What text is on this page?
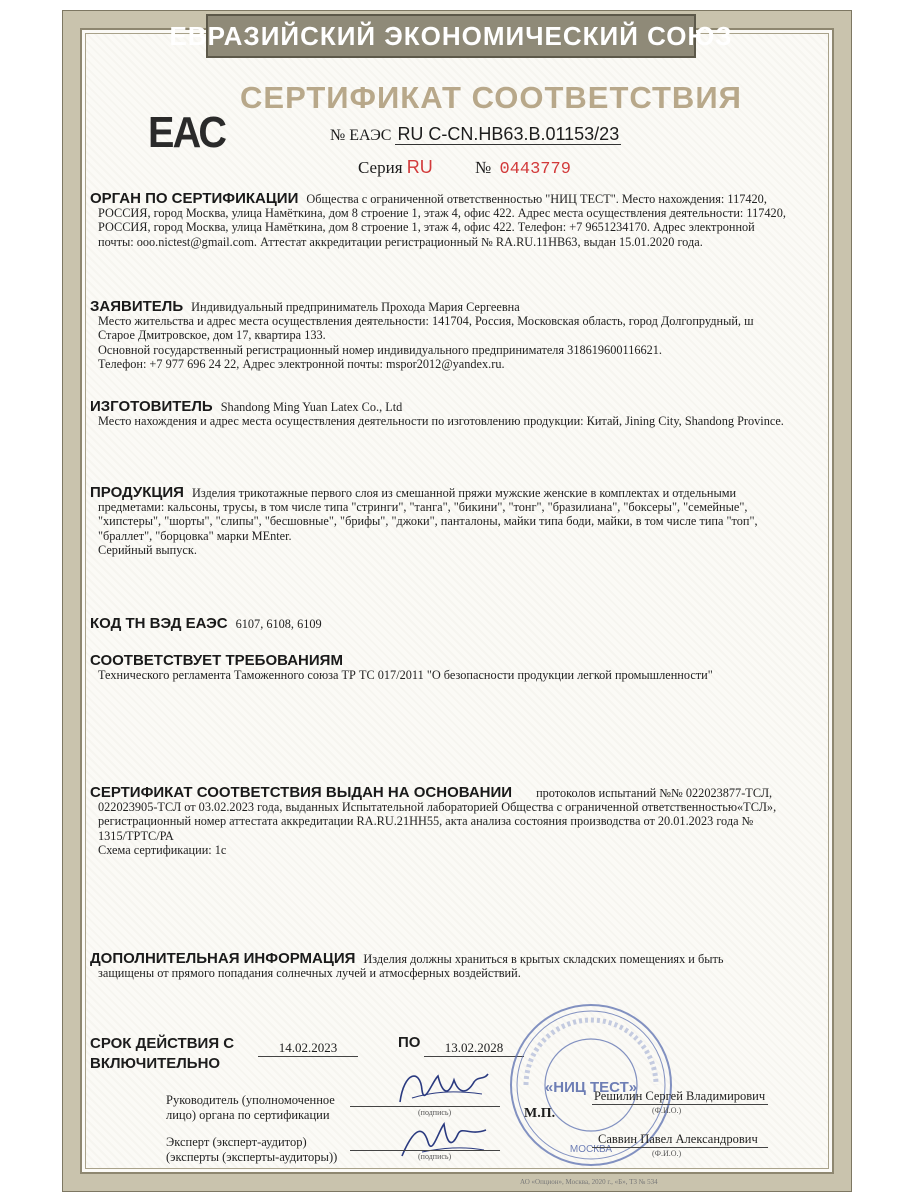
ЕВРАЗИЙСКИЙ ЭКОНОМИЧЕСКИЙ СОЮЗ
СЕРТИФИКАТ СООТВЕТСТВИЯ
ЕАС	№ ЕАЭС RU С-CN.НВ63.В.01153/23
Серия RU № 0443779

ОРГАН ПО СЕРТИФИКАЦИИ Общества с ограниченной ответственностью "НИЦ ТЕСТ". Место нахождения: 117420,

РОССИЯ, город Москва, улица Намёткина, дом 8 строение 1, этаж 4, офис 422. Адрес места осуществления деятельности: 117420,

РОССИЯ, город Москва, улица Намёткина, дом 8 строение 1, этаж 4, офис 422. Телефон: +7 9651234170. Адрес электронной

почты: ooo.nictest@gmail.com. Аттестат аккредитации регистрационный № RA.RU.11НВ63, выдан 15.01.2020 года.

ЗАЯВИТЕЛЬ Индивидуальный предприниматель Прохода Мария Сергеевна

Место жительства и адрес места осуществления деятельности: 141704, Россия, Московская область, город Долгопрудный, ш

Старое Дмитровское, дом 17, квартира 133.

Основной государственный регистрационный номер индивидуального предпринимателя 318619600116621.

Телефон: +7 977 696 24 22, Адрес электронной почты: mspor2012@yandex.ru.

ИЗГОТОВИТЕЛЬ Shandong Ming Yuan Latex Co., Ltd

Место нахождения и адрес места осуществления деятельности по изготовлению продукции: Китай, Jining City, Shandong Province.

ПРОДУКЦИЯ Изделия трикотажные первого слоя из смешанной пряжи мужские женские в комплектах и отдельными

предметами: кальсоны, трусы, в том числе типа "стринги", "танга", "бикини", "тонг", "бразилиана", "боксеры", "семейные",

"хипстеры", "шорты", "слипы", "бесшовные", "брифы", "джоки", панталоны, майки типа боди, майки, в том числе типа "топ",

"браллет", "борцовка" марки MEnter.

Серийный выпуск.

КОД ТН ВЭД ЕАЭС 6107, 6108, 6109

СООТВЕТСТВУЕТ ТРЕБОВАНИЯМ

Технического регламента Таможенного союза ТР ТС 017/2011 "О безопасности продукции легкой промышленности"

СЕРТИФИКАТ СООТВЕТСТВИЯ ВЫДАН НА ОСНОВАНИИ протоколов испытаний №№ 022023877-ТСЛ,

022023905-ТСЛ от 03.02.2023 года, выданных Испытательной лабораторией Общества с ограниченной ответственностью«ТСЛ»,

регистрационный номер аттестата аккредитации RA.RU.21НН55, акта анализа состояния производства от 20.01.2023 года №

1315/ТРТС/РА

Схема сертификации: 1с

ДОПОЛНИТЕЛЬНАЯ ИНФОРМАЦИЯ Изделия должны храниться в крытых складских помещениях и быть

защищены от прямого попадания солнечных лучей и атмосферных воздействий.

СРОК ДЕЙСТВИЯ С
ВКЛЮЧИТЕЛЬНО
14.02.2023	ПО	13.02.2028
«НИЦ ТЕСТ»
МОСКВА
Руководитель (уполномоченное
лицо) органа по сертификации	(подпись)	М.П.
Решилин Сергей Владимирович
(Ф.И.О.)
Эксперт (эксперт-аудитор)
(эксперты (эксперты-аудиторы))	(подпись)
Саввин Павел Александрович
(Ф.И.О.)
АО «Опцион», Москва, 2020 г., «Б», ТЗ № 534
